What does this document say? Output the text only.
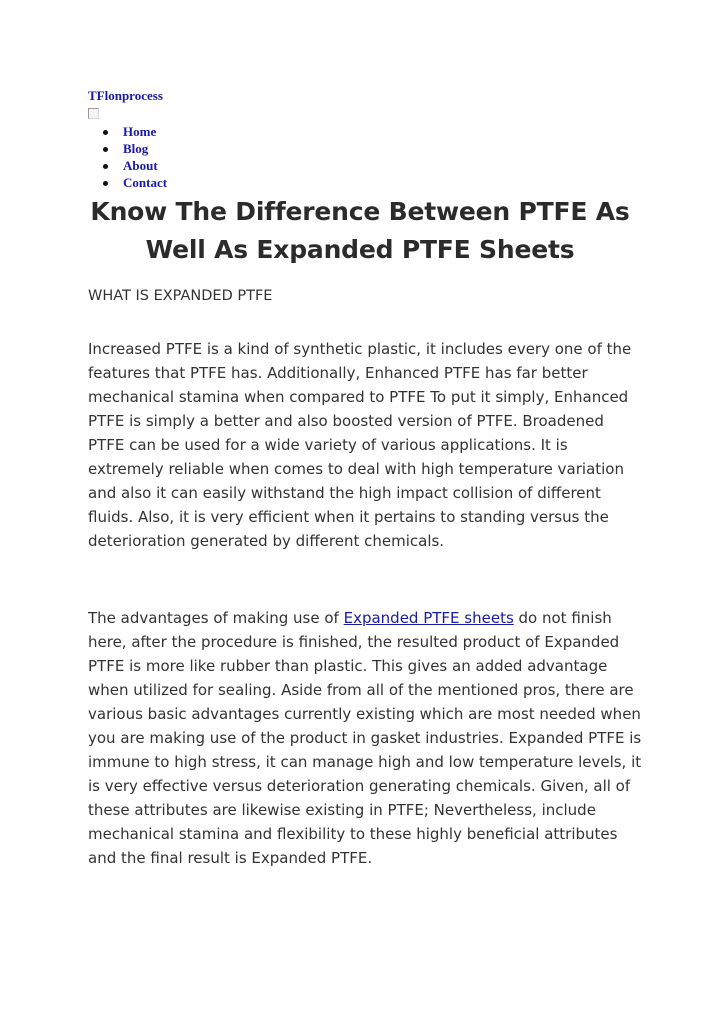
TFlonprocess
Home
Blog
About
Contact
Know The Difference Between PTFE As Well As Expanded PTFE Sheets
WHAT IS EXPANDED PTFE

Increased PTFE is a kind of synthetic plastic, it includes every one of the features that PTFE has. Additionally, Enhanced PTFE has far better mechanical stamina when compared to PTFE To put it simply, Enhanced PTFE is simply a better and also boosted version of PTFE. Broadened PTFE can be used for a wide variety of various applications. It is extremely reliable when comes to deal with high temperature variation and also it can easily withstand the high impact collision of different fluids. Also, it is very efficient when it pertains to standing versus the deterioration generated by different chemicals.

The advantages of making use of Expanded PTFE sheets do not finish here, after the procedure is finished, the resulted product of Expanded PTFE is more like rubber than plastic. This gives an added advantage when utilized for sealing. Aside from all of the mentioned pros, there are various basic advantages currently existing which are most needed when you are making use of the product in gasket industries. Expanded PTFE is immune to high stress, it can manage high and low temperature levels, it is very effective versus deterioration generating chemicals. Given, all of these attributes are likewise existing in PTFE; Nevertheless, include mechanical stamina and flexibility to these highly beneficial attributes and the final result is Expanded PTFE.
